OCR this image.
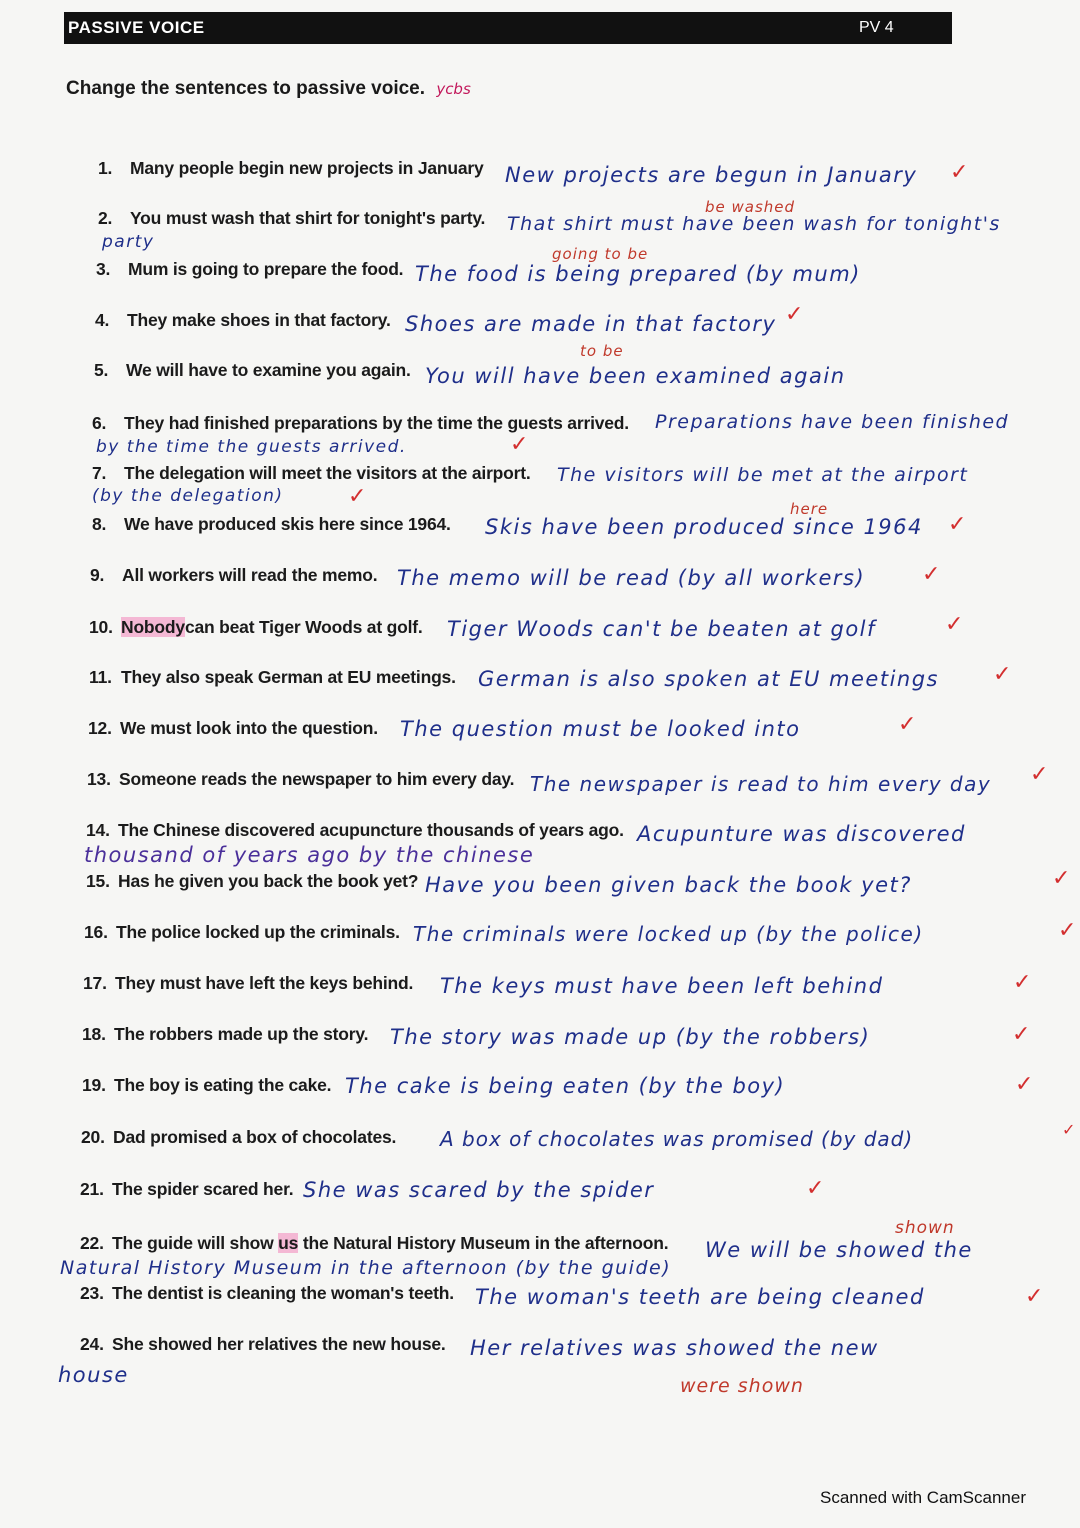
PASSIVE VOICE	PV 4
Change the sentences to passive voice. ycbs
1. Many people begin new projects in January New projects are begun in January ✓
2. You must wash that shirt for tonight's party.
be washed
That shirt must have been wash for tonight's
party
3. Mum is going to prepare the food.
going to be
The food is being prepared (by mum)
4. They make shoes in that factory. Shoes are made in that factory ✓
5. We will have to examine you again.
to be
You will have been examined again
6. They had finished preparations by the time the guests arrived. Preparations have been finished
by the time the guests arrived.	✓
7. The delegation will meet the visitors at the airport. The visitors will be met at the airport
(by the delegation)	✓
8. We have produced skis here since 1964.
here
Skis have been produced since 1964 ✓
9. All workers will read the memo. The memo will be read (by all workers)	✓
10. Nobodycan beat Tiger Woods at golf. Tiger Woods can't be beaten at golf	✓
11. They also speak German at EU meetings. German is also spoken at EU meetings ✓
12. We must look into the question. The question must be looked into	✓
13. Someone reads the newspaper to him every day. The newspaper is read to him every day ✓
14. The Chinese discovered acupuncture thousands of years ago. Acupunture was discovered
thousand of years ago by the chinese
15. Has he given you back the book yet? Have you been given back the book yet?	✓
16. The police locked up the criminals. The criminals were locked up (by the police)	✓
17. They must have left the keys behind. The keys must have been left behind	✓
18. The robbers made up the story. The story was made up (by the robbers)	✓
19. The boy is eating the cake. The cake is being eaten (by the boy)	✓
20. Dad promised a box of chocolates. A box of chocolates was promised (by dad)	✓
21. The spider scared her. She was scared by the spider	✓
22. The guide will show us the Natural History Museum in the afternoon.
shown
We will be showed the
Natural History Museum in the afternoon (by the guide)
23. The dentist is cleaning the woman's teeth. The woman's teeth are being cleaned	✓
24. She showed her relatives the new house. Her relatives was showed the new
house	were shown
Scanned with CamScanner
